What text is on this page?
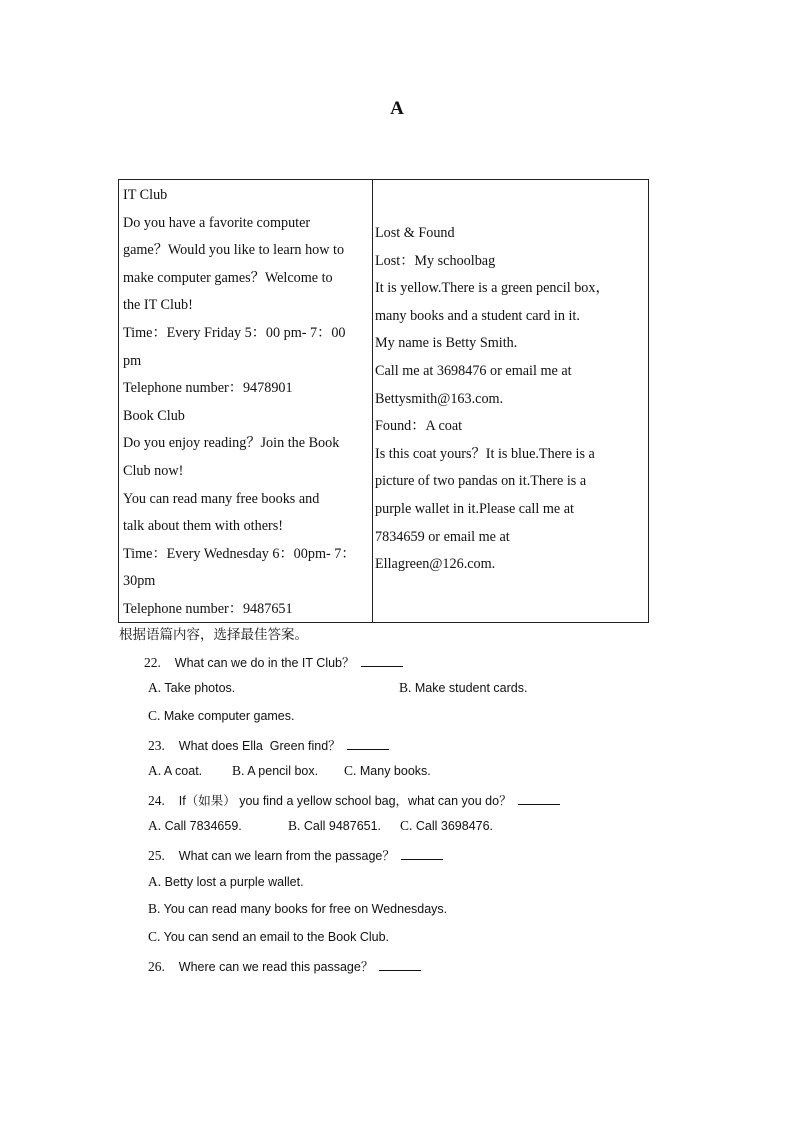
A
IT Club
Do you have a favorite computer
game？Would you like to learn how to
make computer games？Welcome to
the IT Club!
Time：Every Friday 5：00 pm- 7：00
pm
Telephone number：9478901
Book Club
Do you enjoy reading？Join the Book
Club now!
You can read many free books and
talk about them with others!
Time：Every Wednesday 6：00pm- 7：
30pm
Telephone number：9487651
Lost & Found
Lost：My schoolbag
It is yellow.There is a green pencil box，
many books and a student card in it.
My name is Betty Smith.
Call me at 3698476 or email me at
Bettysmith@163.com.
Found：A coat
Is this coat yours？It is blue.There is a
picture of two pandas on it.There is a
purple wallet in it.Please call me at
7834659 or email me at
Ellagreen@126.com.
根据语篇内容，选择最佳答案。
22. What can we do in the IT Club？
A. Take photos.	B. Make student cards.
C. Make computer games.
23. What does Ella  Green find？
A. A coat. B. A pencil box. C. Many books.
24. If（如果） you find a yellow school bag，what can you do？
A. Call 7834659.	B. Call 9487651. C. Call 3698476.
25. What can we learn from the passage？
A. Betty lost a purple wallet.
B. You can read many books for free on Wednesdays.
C. You can send an email to the Book Club.
26. Where can we read this passage？
